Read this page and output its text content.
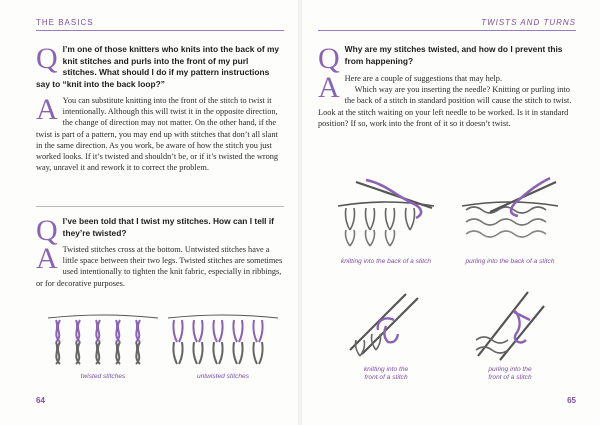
THE BASICS
Q I’m one of those knitters who knits into the back of my knit stitches and purls into the front of my purl stitches. What should I do if my pattern instructions say to “knit into the back loop?”
A You can substitute knitting into the front of the stitch to twist it intentionally. Although this will twist it in the opposite direction, the change of direction may not matter. On the other hand, if the twist is part of a pattern, you may end up with stitches that don’t all slant in the same direction. As you work, be aware of how the stitch you just worked looks. If it’s twisted and shouldn’t be, or if it’s twisted the wrong way, unravel it and rework it to correct the problem.

Q I’ve been told that I twist my stitches. How can I tell if they’re twisted?
A Twisted stitches cross at the bottom. Untwisted stitches have a little space between their two legs. Twisted stitches are sometimes used intentionally to tighten the knit fabric, especially in ribbings, or for decorative purposes.

twisted stitches	untwisted stitches
64
TWISTS AND TURNS
Q Why are my stitches twisted, and how do I prevent this from happening?
A Here are a couple of suggestions that may help.

Which way are you inserting the needle? Knitting or purling into the back of a stitch in standard position will cause the stitch to twist. Look at the stitch waiting on your left needle to be worked. Is it in standard position? If so, work into the front of it so it doesn’t twist.

knitting into the back of a stitch	purling into the back of a stitch
knitting into the
front of a stitch
purling into the
front of a stitch
65
